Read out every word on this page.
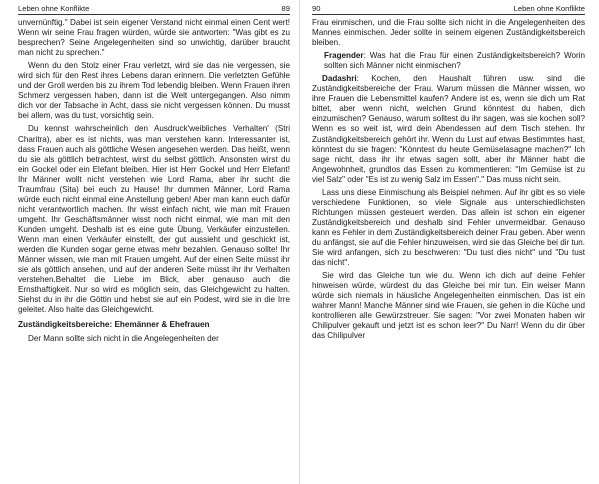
Leben ohne Konflikte	89

unvernünftig." Dabei ist sein eigener Verstand nicht einmal einen Cent wert! Wenn wir seine Frau fragen würden, würde sie antworten: "Was gibt es zu besprechen? Seine Angelegenheiten sind so unwichtig, darüber braucht man nicht zu sprechen."

Wenn du den Stolz einer Frau verletzt, wird sie das nie vergessen, sie wird sich für den Rest ihres Lebens daran erinnern. Die verletzten Gefühle und der Groll werden bis zu ihrem Tod lebendig bleiben. Wenn Frauen ihren Schmerz vergessen haben, dann ist die Welt untergegangen. Also nimm dich vor der Tabsache in Acht, dass sie nicht vergessen können. Du musst bei allem, was du tust, vorsichtig sein.

Du kennst wahrscheinlich den Ausdruck'weibliches Verhalten' (Stri Charitra), aber es ist nichts, was man verstehen kann. Interessanter ist, dass Frauen auch als göttliche Wesen angesehen werden. Das heißt, wenn du sie als göttlich betrachtest, wirst du selbst göttlich. Ansonsten wirst du ein Gockel oder ein Elefant bleiben. Hier ist Herr Gockel und Herr Elefant! Ihr Männer wollt nicht verstehen wie Lord Rama, aber ihr sucht die Traumfrau (Sita) bei euch zu Hause! Ihr dummen Männer, Lord Rama würde euch nicht einmal eine Anstellung geben! Aber man kann euch dafür nicht verantwortlich machen. Ihr wisst einfach nicht, wie man mit Frauen umgeht. Ihr Geschäftsmänner wisst noch nicht einmal, wie man mit den Kunden umgeht. Deshalb ist es eine gute Übung, Verkäufer einzustellen. Wenn man einen Verkäufer einstellt, der gut aussieht und geschickt ist, werden die Kunden sogar gerne etwas mehr bezahlen. Genauso sollte! Ihr Männer wissen, wie man mit Frauen umgeht. Auf der einen Seite müsst ihr sie als göttlich ansehen, und auf der anderen Seite müsst ihr ihr Verhalten verstehen.Behaltet die Liebe im Blick, aber genauso auch die Ernsthaftigkeit. Nur so wird es möglich sein, das Gleichgewicht zu halten. Siehst du in ihr die Göttin und hebst sie auf ein Podest, wird sie in die Irre geleitet. Also halte das Gleichgewicht.

Zuständigkeitsbereiche: Ehemänner & Ehefrauen

Der Mann sollte sich nicht in die Angelegenheiten der

90	Leben ohne Konflikte

Frau einmischen, und die Frau sollte sich nicht in die Angelegenheiten des Mannes einmischen. Jeder sollte in seinem eigenen Zuständigkeitsbereich bleiben.

Fragender: Was hat die Frau für einen Zuständigkeitsbereich? Worin sollten sich Männer nicht einmischen?

Dadashri: Kochen, den Haushalt führen usw. sind die Zuständigkeitsbereiche der Frau. Warum müssen die Männer wissen, wo ihre Frauen die Lebensmittel kaufen? Andere ist es, wenn sie dich um Rat bittet, aber wenn nicht, welchen Grund könntest du haben, dich einzumischen? Genauso, warum solltest du ihr sagen, was sie kochen soll? Wenn es so weit ist, wird dein Abendessen auf dem Tisch stehen. Ihr Zuständigkeitsbereich gehört ihr. Wenn du Lust auf etwas Bestimmtes hast, könntest du sie fragen: "Könntest du heute Gemüselasagne machen?" Ich sage nicht, dass ihr ihr etwas sagen sollt, aber ihr Männer habt die Angewohnheit, grundlos das Essen zu kommentieren: "Im Gemüse ist zu viel Salz" oder "Es ist zu wenig Salz im Essen"." Das muss nicht sein.

Lass uns diese Einmischung als Beispiel nehmen. Auf ihr gibt es so viele verschiedene Funktionen, so viele Signale aus unterschiedlichsten Richtungen müssen gesteuert werden. Das allein ist schon ein eigener Zuständigkeitsbereich und deshalb sind Fehler unvermeidbar. Genauso kann es Fehler in dem Zuständigkeitsbereich deiner Frau geben. Aber wenn du anfängst, sie auf die Fehler hinzuweisen, wird sie das Gleiche bei dir tun. Sie wird anfangen, sich zu beschweren: "Du tust dies nicht" und "Du tust das nicht".

Sie wird das Gleiche tun wie du. Wenn ich dich auf deine Fehler hinweisen würde, würdest du das Gleiche bei mir tun. Ein weiser Mann würde sich niemals in häusliche Angelegenheiten einmischen. Das ist ein wahrer Mann! Manche Männer sind wie Frauen, sie gehen in die Küche und kontrollieren alle Gewürzstreuer. Sie sagen: "Vor zwei Monaten haben wir Chilipulver gekauft und jetzt ist es schon leer?" Du Narr! Wenn du dir über das Chilipulver
